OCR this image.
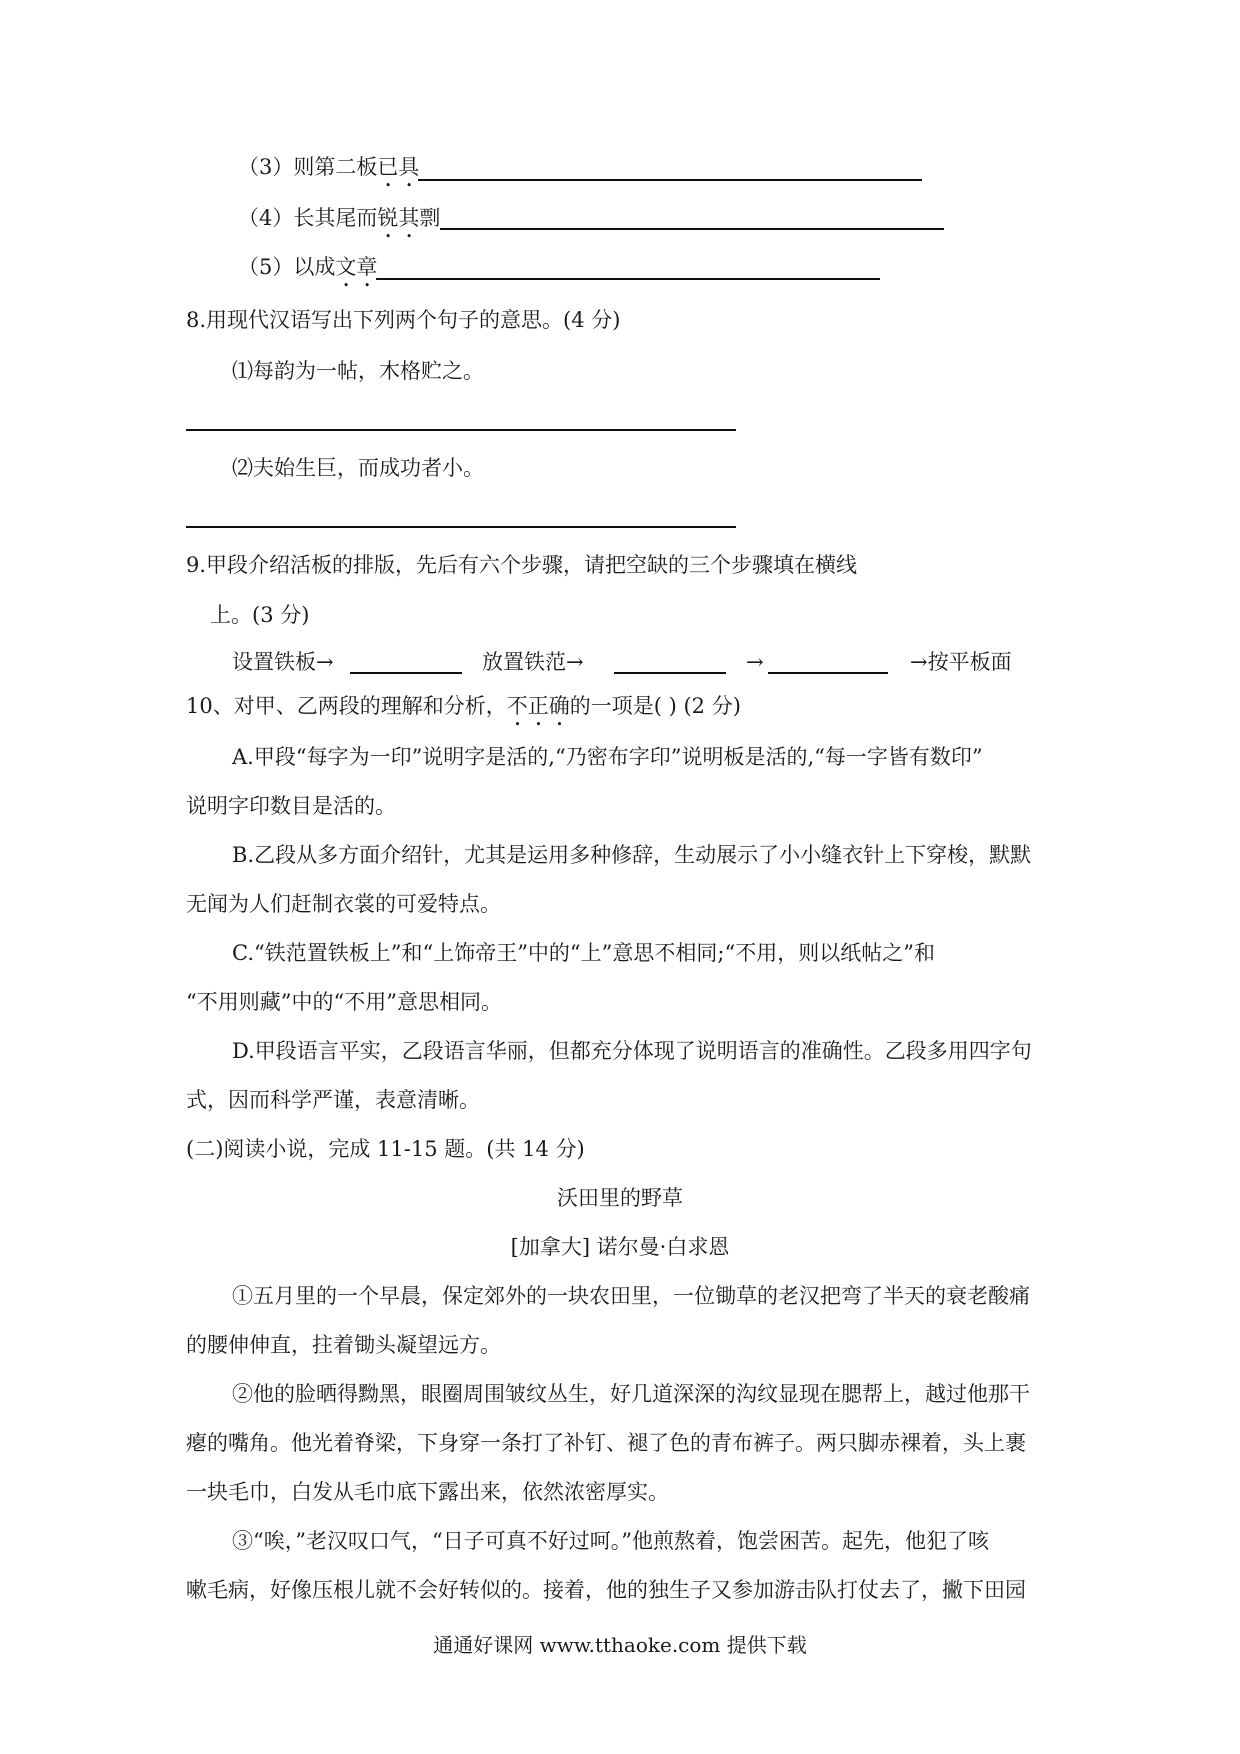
（3）则第二板已具
（4）长其尾而锐其剽
（5）以成文章
8.用现代汉语写出下列两个句子的意思。(4 分)
⑴每韵为一帖，木格贮之。
⑵夫始生巨，而成功者小。
9.甲段介绍活板的排版，先后有六个步骤，请把空缺的三个步骤填在横线
上。(3 分)
设置铁板→	放置铁范→	→	→按平板面
10、对甲、乙两段的理解和分析，不正确的一项是( ) (2 分)
A.甲段“每字为一印”说明字是活的,“乃密布字印”说明板是活的,“每一字皆有数印”
说明字印数目是活的。
B.乙段从多方面介绍针，尤其是运用多种修辞，生动展示了小小缝衣针上下穿梭，默默
无闻为人们赶制衣裳的可爱特点。
C.“铁范置铁板上”和“上饰帝王”中的“上”意思不相同;“不用，则以纸帖之”和
“不用则藏”中的“不用”意思相同。
D.甲段语言平实，乙段语言华丽，但都充分体现了说明语言的准确性。乙段多用四字句
式，因而科学严谨，表意清晰。
(二)阅读小说，完成 11-15 题。(共 14 分)
沃田里的野草
[加拿大] 诺尔曼·白求恩
①五月里的一个早晨，保定郊外的一块农田里，一位锄草的老汉把弯了半天的衰老酸痛
的腰伸伸直，拄着锄头凝望远方。
②他的脸晒得黝黑，眼圈周围皱纹丛生，好几道深深的沟纹显现在腮帮上，越过他那干
瘪的嘴角。他光着脊梁，下身穿一条打了补钉、褪了色的青布裤子。两只脚赤裸着，头上裹
一块毛巾，白发从毛巾底下露出来，依然浓密厚实。
③“唉，”老汉叹口气，“日子可真不好过呵。”他煎熬着，饱尝困苦。起先，他犯了咳
嗽毛病，好像压根儿就不会好转似的。接着，他的独生子又参加游击队打仗去了，撇下田园
通通好课网 www.tthaoke.com 提供下载
